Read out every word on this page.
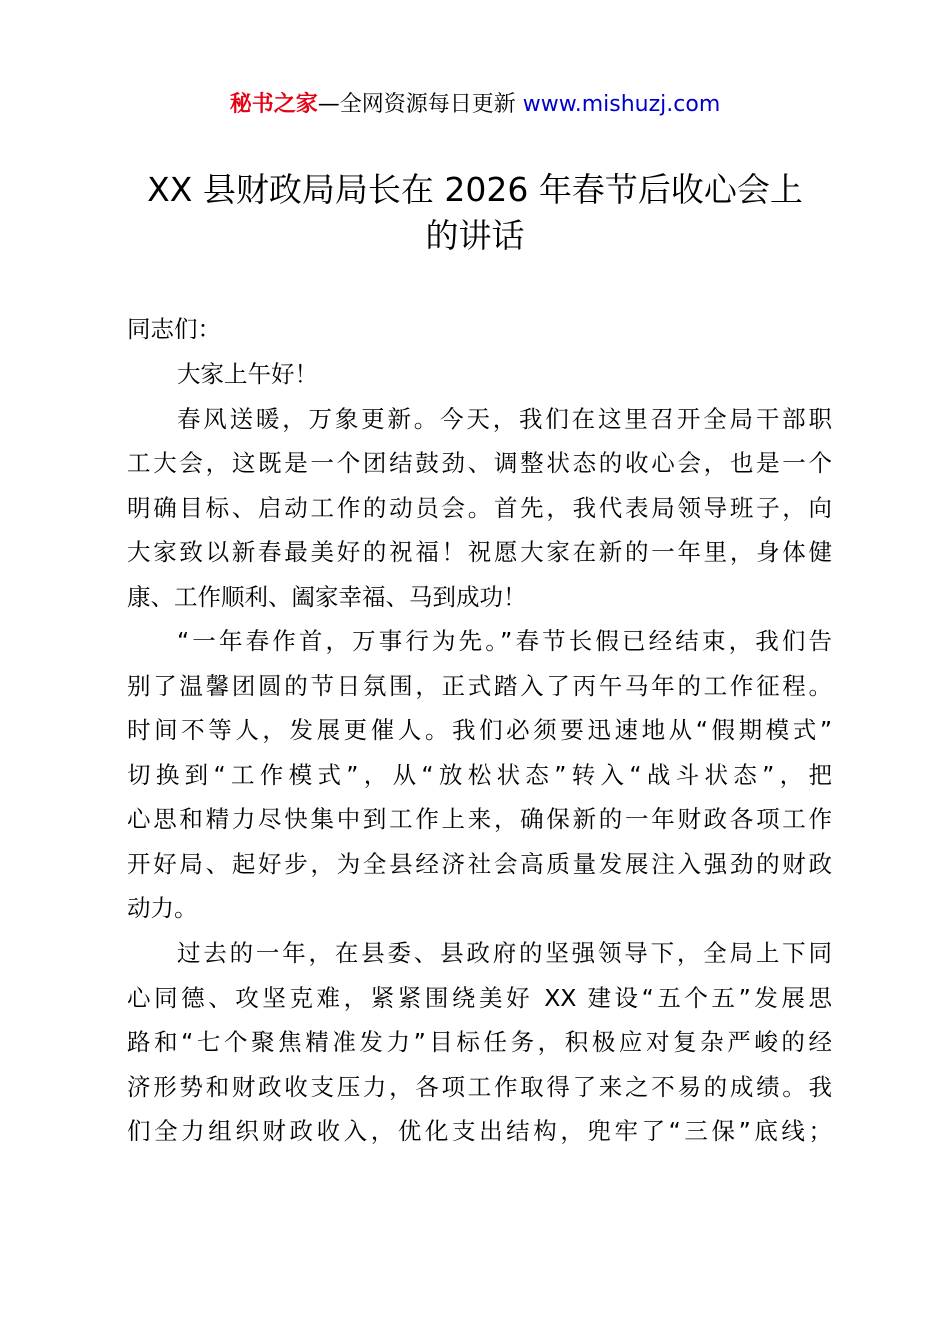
秘书之家—全网资源每日更新 www.mishuzj.com
XX 县财政局局长在 2026 年春节后收心会上
的讲话
同志们：
大家上午好！
春风送暖，万象更新。今天，我们在这里召开全局干部职
工大会，这既是一个团结鼓劲、调整状态的收心会，也是一个
明确目标、启动工作的动员会。首先，我代表局领导班子，向
大家致以新春最美好的祝福！祝愿大家在新的一年里，身体健
康、工作顺利、阖家幸福、马到成功！
“一年春作首，万事行为先。”春节长假已经结束，我们告
别了温馨团圆的节日氛围，正式踏入了丙午马年的工作征程。
时间不等人，发展更催人。我们必须要迅速地从“假期模式”
切换到“工作模式”，从“放松状态”转入“战斗状态”，把
心思和精力尽快集中到工作上来，确保新的一年财政各项工作
开好局、起好步，为全县经济社会高质量发展注入强劲的财政
动力。
过去的一年，在县委、县政府的坚强领导下，全局上下同
心同德、攻坚克难，紧紧围绕美好 XX 建设“五个五”发展思
路和“七个聚焦精准发力”目标任务，积极应对复杂严峻的经
济形势和财政收支压力，各项工作取得了来之不易的成绩。我
们全力组织财政收入，优化支出结构，兜牢了“三保”底线；
